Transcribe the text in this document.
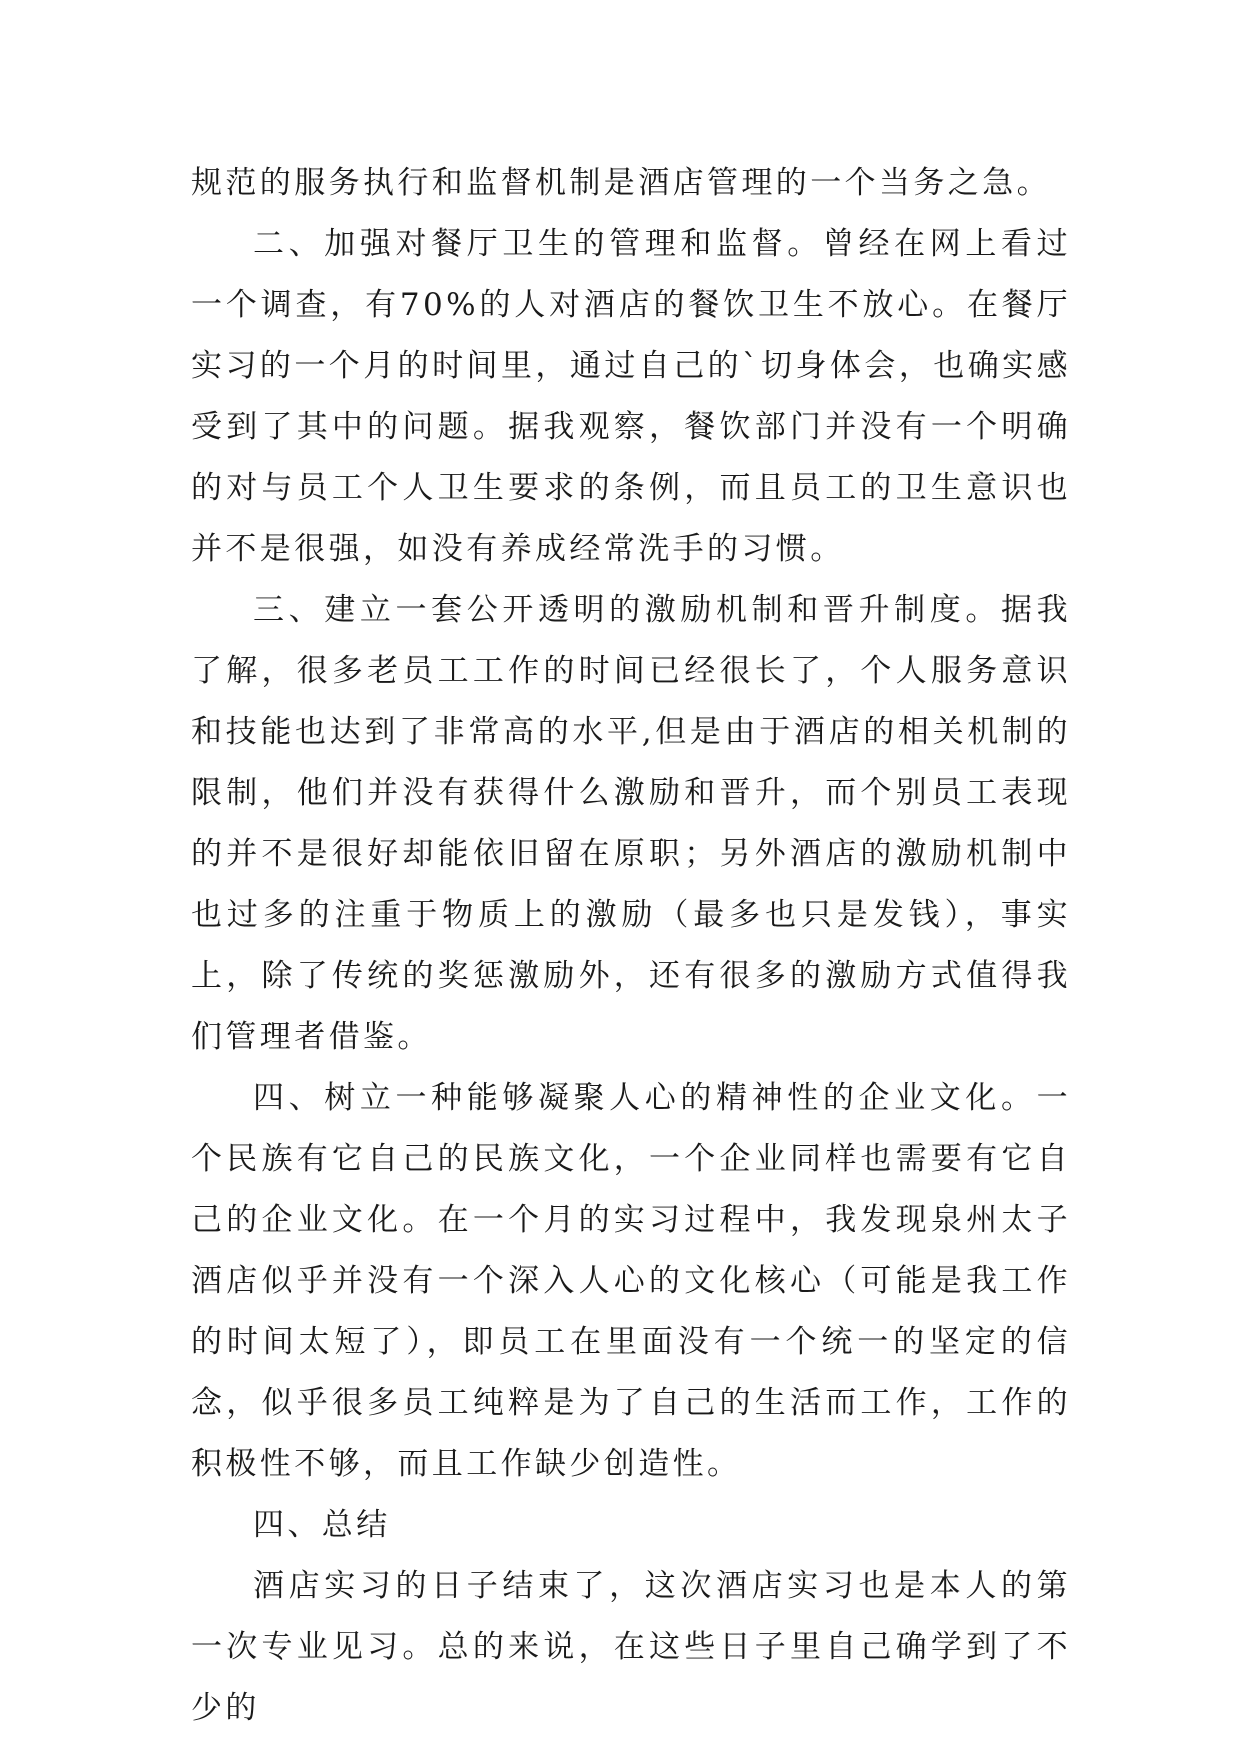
规范的服务执行和监督机制是酒店管理的一个当务之急。

二、加强对餐厅卫生的管理和监督。曾经在网上看过一个调查，有70%的人对酒店的餐饮卫生不放心。在餐厅实习的一个月的时间里，通过自己的`切身体会，也确实感受到了其中的问题。据我观察，餐饮部门并没有一个明确的对与员工个人卫生要求的条例，而且员工的卫生意识也并不是很强，如没有养成经常洗手的习惯。

三、建立一套公开透明的激励机制和晋升制度。据我了解，很多老员工工作的时间已经很长了，个人服务意识和技能也达到了非常高的水平,但是由于酒店的相关机制的限制，他们并没有获得什么激励和晋升，而个别员工表现的并不是很好却能依旧留在原职；另外酒店的激励机制中也过多的注重于物质上的激励（最多也只是发钱），事实上，除了传统的奖惩激励外，还有很多的激励方式值得我们管理者借鉴。

四、树立一种能够凝聚人心的精神性的企业文化。一个民族有它自己的民族文化，一个企业同样也需要有它自己的企业文化。在一个月的实习过程中，我发现泉州太子酒店似乎并没有一个深入人心的文化核心（可能是我工作的时间太短了），即员工在里面没有一个统一的坚定的信念，似乎很多员工纯粹是为了自己的生活而工作，工作的积极性不够，而且工作缺少创造性。

四、总结

酒店实习的日子结束了，这次酒店实习也是本人的第一次专业见习。总的来说，在这些日子里自己确学到了不少的
